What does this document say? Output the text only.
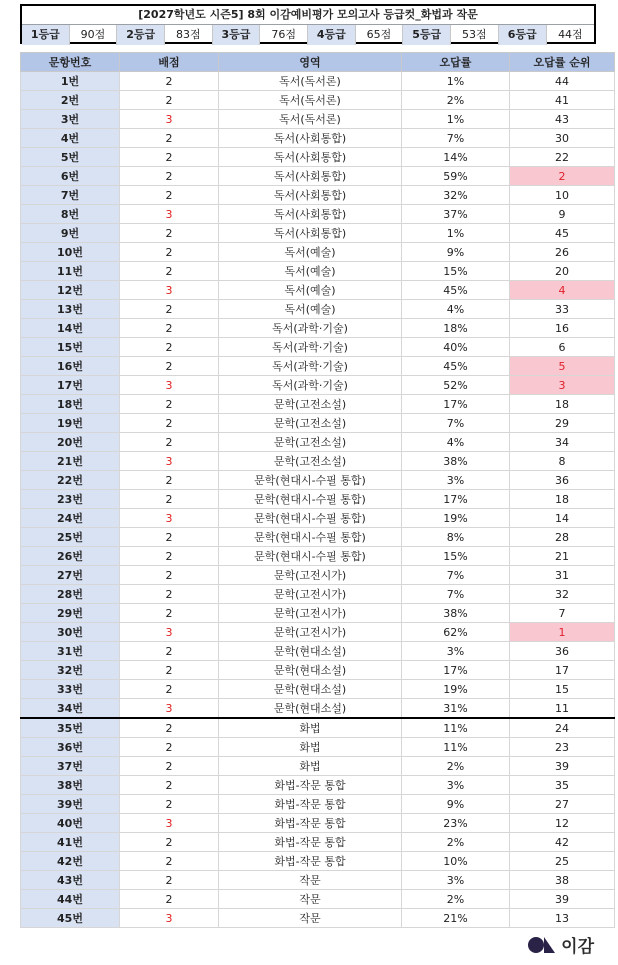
[2027학년도 시즌5] 8회 이감예비평가 모의고사 등급컷_화법과 작문
1등급	90점	2등급	83점	3등급	76점	4등급	65점	5등급	53점	6등급	44점
문항번호	배점	영역	오답률	오답률 순위
1번	2	독서(독서론)	1%	44
2번	2	독서(독서론)	2%	41
3번	3	독서(독서론)	1%	43
4번	2	독서(사회통합)	7%	30
5번	2	독서(사회통합)	14%	22
6번	2	독서(사회통합)	59%	2
7번	2	독서(사회통합)	32%	10
8번	3	독서(사회통합)	37%	9
9번	2	독서(사회통합)	1%	45
10번	2	독서(예술)	9%	26
11번	2	독서(예술)	15%	20
12번	3	독서(예술)	45%	4
13번	2	독서(예술)	4%	33
14번	2	독서(과학·기술)	18%	16
15번	2	독서(과학·기술)	40%	6
16번	2	독서(과학·기술)	45%	5
17번	3	독서(과학·기술)	52%	3
18번	2	문학(고전소설)	17%	18
19번	2	문학(고전소설)	7%	29
20번	2	문학(고전소설)	4%	34
21번	3	문학(고전소설)	38%	8
22번	2	문학(현대시-수필 통합)	3%	36
23번	2	문학(현대시-수필 통합)	17%	18
24번	3	문학(현대시-수필 통합)	19%	14
25번	2	문학(현대시-수필 통합)	8%	28
26번	2	문학(현대시-수필 통합)	15%	21
27번	2	문학(고전시가)	7%	31
28번	2	문학(고전시가)	7%	32
29번	2	문학(고전시가)	38%	7
30번	3	문학(고전시가)	62%	1
31번	2	문학(현대소설)	3%	36
32번	2	문학(현대소설)	17%	17
33번	2	문학(현대소설)	19%	15
34번	3	문학(현대소설)	31%	11
35번	2	화법	11%	24
36번	2	화법	11%	23
37번	2	화법	2%	39
38번	2	화법-작문 통합	3%	35
39번	2	화법-작문 통합	9%	27
40번	3	화법-작문 통합	23%	12
41번	2	화법-작문 통합	2%	42
42번	2	화법-작문 통합	10%	25
43번	2	작문	3%	38
44번	2	작문	2%	39
45번	3	작문	21%	13
이감
